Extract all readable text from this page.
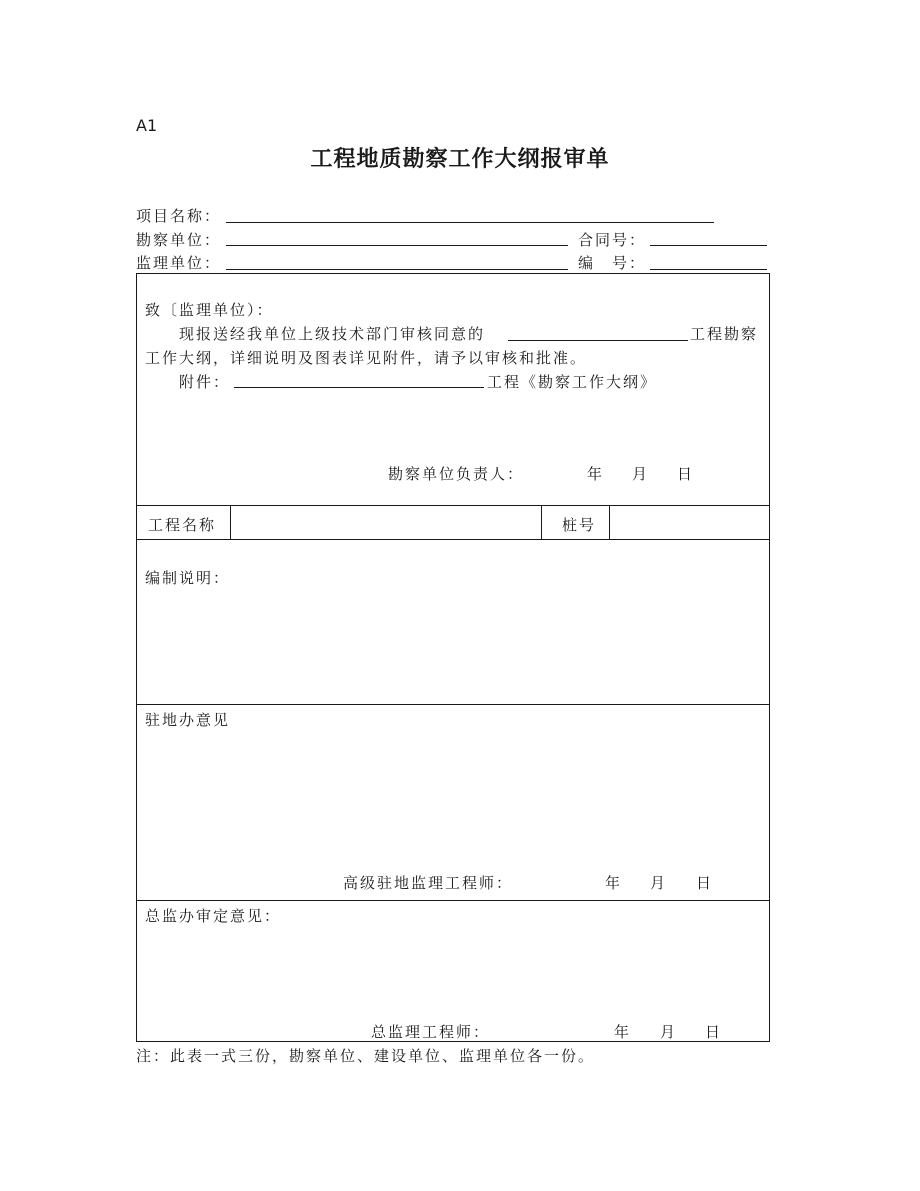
A1
工程地质勘察工作大纲报审单
项目名称：
勘察单位：	合同号：
监理单位：	编　号：
致〔监理单位）：
现报送经我单位上级技术部门审核同意的	工程勘察
工作大纲，详细说明及图表详见附件，请予以审核和批准。
附件：	工程《勘察工作大纲》
勘察单位负责人：	年 月 日
工程名称	桩号
编制说明：
驻地办意见
高级驻地监理工程师：	年 月 日
总监办审定意见：
总监理工程师：	年 月 日
注：此表一式三份，勘察单位、建设单位、监理单位各一份。
